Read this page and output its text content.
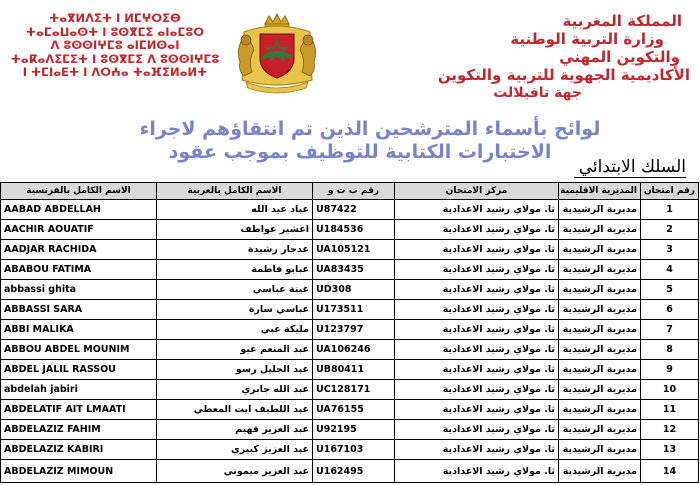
ⵜⴰⴳⵍⴷⵉⵜ ⵏ ⵍⵎⵖⵔⵉⴱ
ⵜⴰⵎⴰⵡⴰⵙⵜ ⵏ ⵓⵙⴳⵎⵉ ⴰⵏⴰⵎⵓⵔ
ⴷ ⵓⵙⵙⵏⵖⵎⵓ ⴰⵏⵎⵍⵙⴰⵏ
ⵜⴰⴽⴰⴷⵉⵎⵉⵜ ⵏ ⵓⵙⴳⵎⵉ ⴷ ⵓⵙⵙⵏⵖⵎⵓ
ⵏ ⵜⵎⵏⴰⴹⵜ ⵏ ⴷⵔⵄⴰ ⵜⴰⴼⵉⵍⴰⵍⵜ
المملكة المغربية
وزارة التربية الوطنية
والتكوين المهني
الأكاديمية الجهوية للتربية والتكوين
جهة تافيلالت
لوائح بأسماء المترشحين الذين تم انتقاؤهم لاجراء
الاختبارات الكتابية للتوظيف بموجب عقود
السلك الابتدائي
الاسم الكامل بالفرنسية	الاسم الكامل بالعربية	رقم ب ت و	مركز الامتحان	المديرية الاقليمية	رقم امتحان
AABAD ABDELLAH	عباد عبد الله	U87422	ثا. مولاي رشيد الاعدادية	مديرية الرشيدية	1
AACHIR AOUATIF	اعشير عواطف	U184536	ثا. مولاي رشيد الاعدادية	مديرية الرشيدية	2
AADJAR RACHIDA	عدجار رشيدة	UA105121	ثا. مولاي رشيد الاعدادية	مديرية الرشيدية	3
ABABOU FATIMA	عبابو فاطمة	UA83435	ثا. مولاي رشيد الاعدادية	مديرية الرشيدية	4
abbassi ghita	غيتة عباسي	UD308	ثا. مولاي رشيد الاعدادية	مديرية الرشيدية	5
ABBASSI SARA	عباسي سارة	U173511	ثا. مولاي رشيد الاعدادية	مديرية الرشيدية	6
ABBI MALIKA	مليكة عبي	U123797	ثا. مولاي رشيد الاعدادية	مديرية الرشيدية	7
ABBOU ABDEL MOUNIM	عبد المنعم عبو	UA106246	ثا. مولاي رشيد الاعدادية	مديرية الرشيدية	8
ABDEL JALIL RASSOU	عبد الجليل رسو	UB80411	ثا. مولاي رشيد الاعدادية	مديرية الرشيدية	9
abdelah jabiri	عبد الله جابري	UC128171	ثا. مولاي رشيد الاعدادية	مديرية الرشيدية	10
ABDELATIF AIT LMAATI	عبد اللطيف ايت المعطي	UA76155	ثا. مولاي رشيد الاعدادية	مديرية الرشيدية	11
ABDELAZIZ FAHIM	عبد العزيز فهيم	U92195	ثا. مولاي رشيد الاعدادية	مديرية الرشيدية	12
ABDELAZIZ KABIRI	عبد العزيز كبيري	U167103	ثا. مولاي رشيد الاعدادية	مديرية الرشيدية	13
ABDELAZIZ MIMOUN	عبد العزيز ميموني	U162495	ثا. مولاي رشيد الاعدادية	مديرية الرشيدية	14
